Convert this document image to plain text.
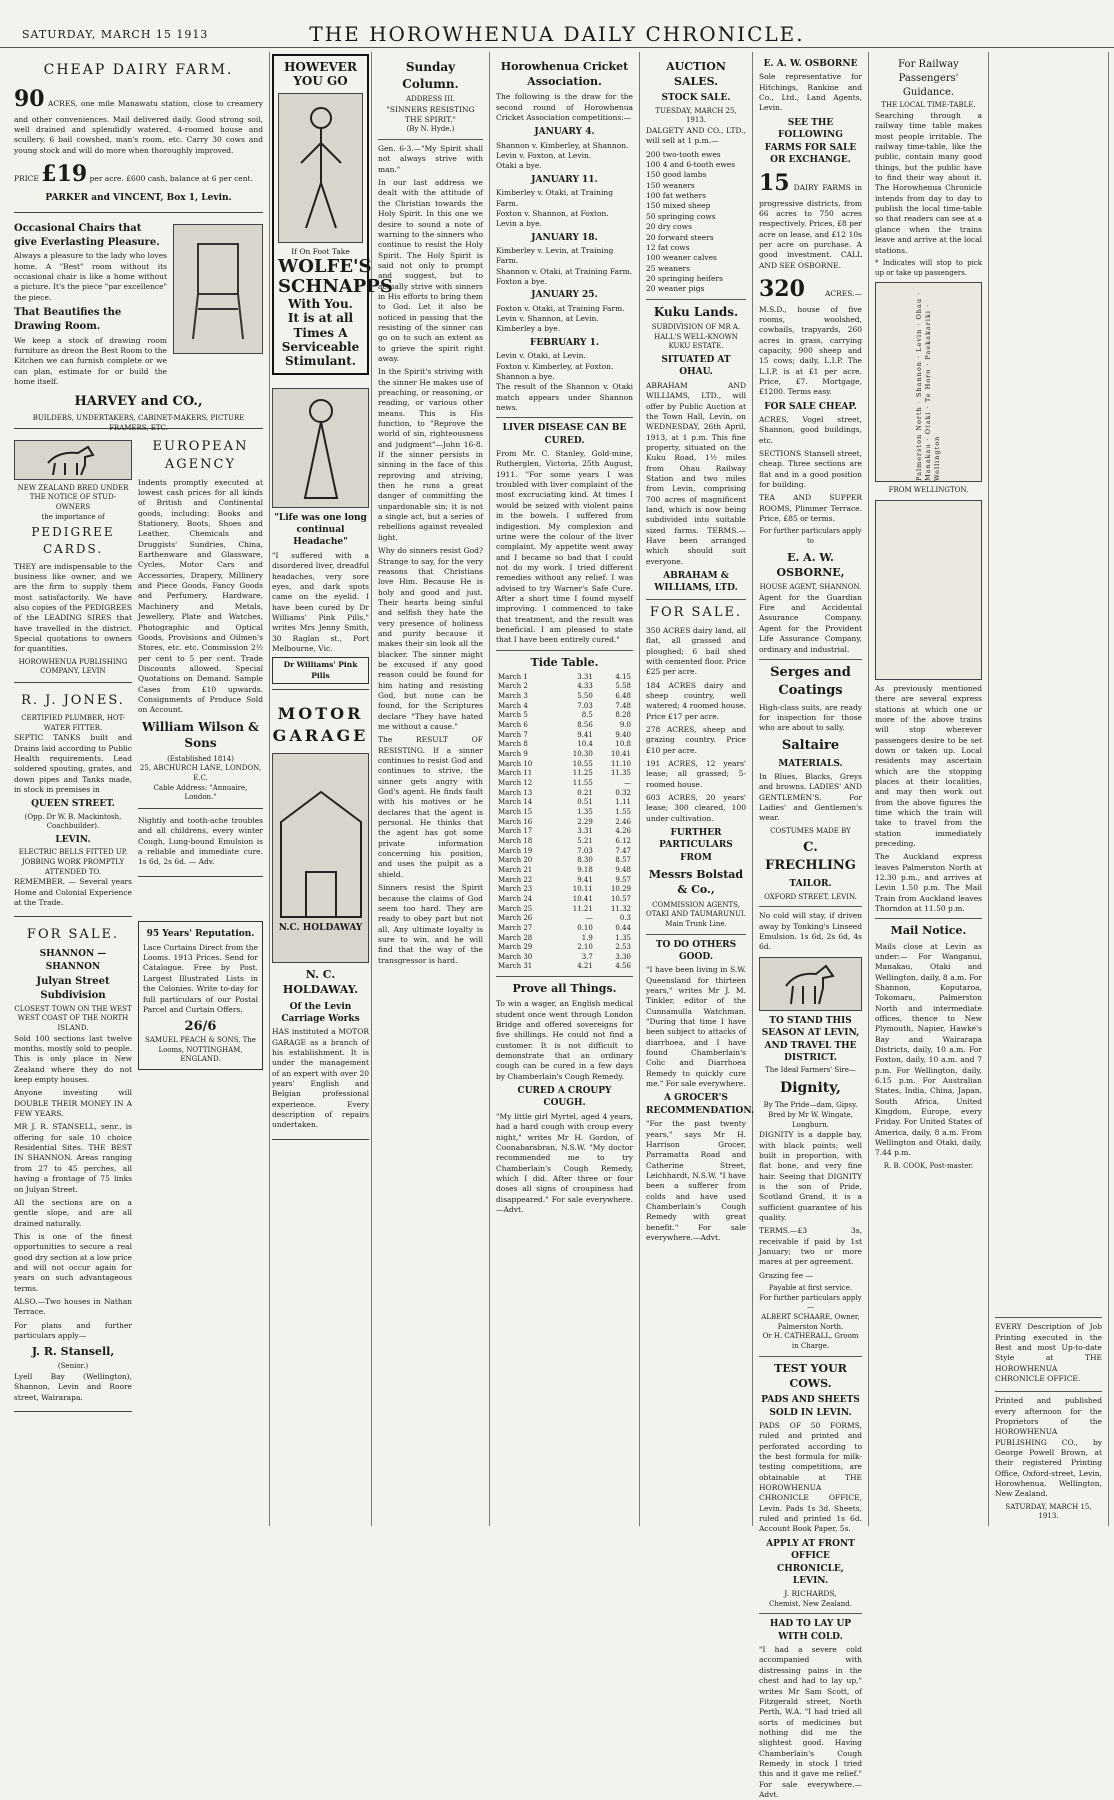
SATURDAY, MARCH 15 1913	THE HOROWHENUA DAILY CHRONICLE.
CHEAP DAIRY FARM.

90 ACRES, one mile Manawatu station, close to creamery and other conveniences. Mail delivered daily. Good strong soil, well drained and splendidly watered. 4-roomed house and scullery. 6 bail cowshed, man's room, etc. Carry 30 cows and young stock and will do more when thoroughly improved.

PRICE £19 per acre. £600 cash, balance at 6 per cent.

PARKER and VINCENT, Box 1, Levin.
Occasional Chairs that give Everlasting Pleasure.

Always a pleasure to the lady who loves home. A "Best" room without its occasional chair is like a home without a picture. It's the piece "par excellence" the piece.

That Beautifies the Drawing Room.

We keep a stock of drawing room furniture as dreon the Best Room to the Kitchen we can furnish complete or we can plan, estimate for or build the home itself.

HARVEY and CO.,
BUILDERS, UNDERTAKERS, CABINET-MAKERS, PICTURE FRAMERS, ETC.
NEW ZEALAND BRED UNDER THE NOTICE OF STUD-OWNERS
the importance of
PEDIGREE CARDS.

THEY are indispensable to the business like owner, and we are the firm to supply them most satisfactorily. We have also copies of the PEDIGREES of the LEADING SIRES that have travelled in the district. Special quotations to owners for quantities.

HOROWHENUA PUBLISHING COMPANY, LEVIN
R. J. JONES.
CERTIFIED PLUMBER, HOT-WATER FITTER.

SEPTIC TANKS built and Drains laid according to Public Health requirements. Lead soldered spouting, grates, and down pipes and Tanks made, in stock in premises in

QUEEN STREET.
(Opp. Dr W. B. Mackintosh, Coachbuilder).
LEVIN.
ELECTRIC BELLS FITTED UP. JOBBING WORK PROMPTLY ATTENDED TO.

REMEMBER. — Several years Home and Colonial Experience at the Trade.

EUROPEAN AGENCY

Indents promptly executed at lowest cash prices for all kinds of British and Continental goods, including: Books and Stationery, Boots, Shoes and Leather, Chemicals and Druggists' Sundries, China, Earthenware and Glassware, Cycles, Motor Cars and Accessories, Drapery, Millinery and Piece Goods, Fancy Goods and Perfumery, Hardware, Machinery and Metals, Jewellery, Plate and Watches, Photographic and Optical Goods, Provisions and Oilmen's Stores, etc. etc. Commission 2½ per cent to 5 per cent. Trade Discounts allowed. Special Quotations on Demand. Sample Cases from £10 upwards. Consignments of Produce Sold on Account.

William Wilson & Sons
(Established 1814)
25, ABCHURCH LANE, LONDON, E.C.
Cable Address: "Annuaire, London."

Nightly and tooth-ache troubles and all childrens, every winter Cough, Lung-bound Emulsion is a reliable and immediate cure. 1s 6d, 2s 6d. — Adv.

FOR SALE.
SHANNON — SHANNON
Julyan Street Subdivision
CLOSEST TOWN ON THE WEST WEST COAST OF THE NORTH ISLAND.

Sold 100 sections last twelve months, mostly sold to people. This is only place in New Zealand where they do not keep empty houses.

Anyone investing will DOUBLE THEIR MONEY IN A FEW YEARS.

MR J. R. STANSELL, senr., is offering for sale 10 choice Residential Sites. THE BEST IN SHANNON. Areas ranging from 27 to 45 perches, all having a frontage of 75 links on Julyan Street.

All the sections are on a gentle slope, and are all drained naturally.

This is one of the finest opportunities to secure a real good dry section at a low price and will not occur again for years on such advantageous terms.

ALSO.—Two houses in Nathan Terrace.

For plans and further particulars apply—

J. R. Stansell,
(Senior.)

Lyell Bay (Wellington), Shannon, Levin and Roore street, Wairarapa.

95 Years' Reputation.

Lace Curtains Direct from the Looms. 1913 Prices. Send for Catalogue. Free by Post. Largest Illustrated Lists in the Colonies. Write to-day for full particulars of our Postal Parcel and Curtain Offers.

26/6
SAMUEL PEACH & SONS, The Looms, NOTTINGHAM, ENGLAND.
HOWEVER YOU GO
If On Foot Take
WOLFE'S
SCHNAPPS
With You.
It is at all Times A Serviceable Stimulant.
"Life was one long continual Headache"

"I suffered with a disordered liver, dreadful headaches, very sore eyes, and dark spots came on the eyelid. I have been cured by Dr Williams' Pink Pills," writes Mrs Jenny Smith, 30 Raglan st., Port Melbourne, Vic.

Dr Williams' Pink Pills
MOTOR GARAGE
N.C. HOLDAWAY
N. C. HOLDAWAY.
Of the Levin Carriage Works

HAS instituted a MOTOR GARAGE as a branch of his establishment. It is under the management of an expert with over 20 years' English and Belgian professional experience. Every description of repairs undertaken.

Sunday Column.
ADDRESS III.
"SINNERS RESISTING THE SPIRIT."
(By N. Hyde.)

Gen. 6-3.—"My Spirit shall not always strive with man."

In our last address we dealt with the attitude of the Christian towards the Holy Spirit. In this one we desire to sound a note of warning to the sinners who continue to resist the Holy Spirit. The Holy Spirit is said not only to prompt and suggest, but to actually strive with sinners in His efforts to bring them to God. Let it also be noticed in passing that the resisting of the sinner can go on to such an extent as to grieve the spirit right away.

In the Spirit's striving with the sinner He makes use of preaching, or reasoning, or reading, or various other means. This is His function, to "Reprove the world of sin, righteousness and judgment"—John 16-8. If the sinner persists in sinning in the face of this reproving and striving, then he runs a great danger of committing the unpardonable sin; it is not a single act, but a series of rebellions against revealed light.

Why do sinners resist God? Strange to say, for the very reasons that Christians love Him. Because He is holy and good and just. Their hearts being sinful and selfish they hate the very presence of holiness and purity because it makes their sin look all the blacker. The sinner might be excused if any good reason could be found for him hating and resisting God, but none can be found, for the Scriptures declare "They have hated me without a cause."

The RESULT OF RESISTING. If a sinner continues to resist God and continues to strive, the sinner gets angry with God's agent. He finds fault with his motives or he declares that the agent is personal. He thinks that the agent has got some private information concerning his position, and uses the pulpit as a shield.

Sinners resist the Spirit because the claims of God seem too hard. They are ready to obey part but not all. Any ultimate loyalty is sure to win, and he will find that the way of the transgressor is hard.

Horowhenua Cricket Association.

The following is the draw for the second round of Horowhenua Cricket Association competitions:—

JANUARY 4.
Shannon v. Kimberley, at Shannon.
Levin v. Foxton, at Levin.
Otaki a bye.
JANUARY 11.
Kimberley v. Otaki, at Training Farm.
Foxton v. Shannon, at Foxton.
Levin a bye.
JANUARY 18.
Kimberley v. Levin, at Training Farm.
Shannon v. Otaki, at Training Farm.
Foxton a bye.
JANUARY 25.
Foxton v. Otaki, at Training Farm.
Levin v. Shannon, at Levin.
Kimberley a bye.
FEBRUARY 1.
Levin v. Otaki, at Levin.
Foxton v. Kimberley, at Foxton.
Shannon a bye.

The result of the Shannon v. Otaki match appears under Shannon news.

LIVER DISEASE CAN BE CURED.

From Mr. C. Stanley, Gold-mine, Rutherglen, Victoria, 25th August, 1911. "For some years I was troubled with liver complaint of the most excruciating kind. At times I would be seized with violent pains in the bowels. I suffered from indigestion. My complexion and urine were the colour of the liver complaint. My appetite went away and I became so bad that I could not do my work. I tried different remedies without any relief. I was advised to try Warner's Safe Cure. After a short time I found myself improving. I commenced to take that treatment, and the result was beneficial. I am pleased to state that I have been entirely cured."

Tide Table.
March 1	3.31	4.15
March 2	4.33	5.58
March 3	5.50	6.48
March 4	7.03	7.48
March 5	8.5	8.28
March 6	8.56	9.0
March 7	9.41	9.40
March 8	10.4	10.8
March 9	10.30	10.41
March 10	10.55	11.10
March 11	11.25	11.35
March 12	11.55	—
March 13	0.21	0.32
March 14	0.51	1.11
March 15	1.35	1.55
March 16	2.29	2.46
March 17	3.31	4.26
March 18	5.21	6.12
March 19	7.03	7.47
March 20	8.30	8.57
March 21	9.18	9.48
March 22	9.41	9.57
March 23	10.11	10.29
March 24	10.41	10.57
March 25	11.21	11.32
March 26	—	0.3
March 27	0.10	0.44
March 28	1.9	1.35
March 29	2.10	2.53
March 30	3.7	3.30
March 31	4.21	4.56
Prove all Things.

To win a wager, an English medical student once went through London Bridge and offered sovereigns for five shillings. He could not find a customer. It is not difficult to demonstrate that an ordinary cough can be cured in a few days by Chamberlain's Cough Remedy.

CURED A CROUPY COUGH.

"My little girl Myrtel, aged 4 years, had a hard cough with croup every night," writes Mr H. Gordon, of Coonabarabran, N.S.W. "My doctor recommended me to try Chamberlain's Cough Remedy, which I did. After three or four doses all signs of croupiness had disappeared." For sale everywhere.—Advt.

AUCTION SALES.
STOCK SALE.
TUESDAY, MARCH 25, 1913.

DALGETY AND CO., LTD., will sell at 1 p.m.—

200 two-tooth ewes
100 4 and 6-tooth ewes
150 good lambs
150 weaners
100 fat wethers
150 mixed sheep
50 springing cows
20 dry cows
20 forward steers
12 fat cows
100 weaner calves
25 weaners
20 springing heifers
20 weaner pigs
Kuku Lands.
SUBDIVISION OF MR A. HALL'S WELL-KNOWN KUKU ESTATE.
SITUATED AT OHAU.

ABRAHAM AND WILLIAMS, LTD., will offer by Public Auction at the Town Hall, Levin, on WEDNESDAY, 26th April, 1913, at 1 p.m. This fine property, situated on the Kuku Road, 1½ miles from Ohau Railway Station and two miles from Levin, comprising 700 acres of magnificent land, which is now being subdivided into suitable sized farms. TERMS.—Have been arranged which should suit everyone.

ABRAHAM & WILLIAMS, LTD.
FOR SALE.

350 ACRES dairy land, all flat, all grassed and ploughed; 6 bail shed with cemented floor. Price £25 per acre.

184 ACRES dairy and sheep country, well watered; 4 roomed house. Price £17 per acre.

278 ACRES, sheep and grazing country. Price £10 per acre.

191 ACRES, 12 years' lease; all grassed; 5-roomed house.

603 ACRES, 20 years' lease; 300 cleared, 100 under cultivation.

FURTHER PARTICULARS FROM
Messrs Bolstad & Co.,
COMMISSION AGENTS, OTAKI AND TAUMARUNUI.
Main Trunk Line.
TO DO OTHERS GOOD.

"I have been living in S.W. Queensland for thirteen years," writes Mr J. M. Tinkler, editor of the Cunnamulla Watchman. "During that time I have been subject to attacks of diarrhoea, and I have found Chamberlain's Colic and Diarrhoea Remedy to quickly cure me." For sale everywhere.

A GROCER'S RECOMMENDATION.

"For the past twenty years," says Mr H. Harrison Grocer, Parramatta Road and Catherine Street, Leichhardt, N.S.W. "I have been a sufferer from colds and have used Chamberlain's Cough Remedy with great benefit." For sale everywhere.—Advt.

E. A. W. OSBORNE

Sole representative for Hitchings, Rankine and Co., Ltd., Land Agents, Levin.

SEE THE FOLLOWING FARMS FOR SALE OR EXCHANGE.

15 DAIRY FARMS in progressive districts, from 66 acres to 750 acres respectively. Prices, £8 per acre on lease, and £12 10s per acre on purchase. A good investment. CALL AND SEE OSBORNE.

320	ACRES.—M.S.D., house of five rooms, woolshed, cowbails, trapyards, 260 acres in grass, carrying capacity, 900 sheep and 15 cows; daily, L.I.P. The L.I.P. is at £1 per acre. Price, £7. Mortgage, £1200. Terms easy.

FOR SALE CHEAP.

ACRES, Vogel street, Shannon, good buildings, etc.

SECTIONS Stansell street, cheap. Three sections are flat and in a good position for building.

TEA AND SUPPER ROOMS, Plimmer Terrace. Price, £85 or terms.

For further particulars apply to
E. A. W. OSBORNE,
HOUSE AGENT, SHANNON.

Agent for the Guardian Fire and Accidental Assurance Company. Agent for the Provident Life Assurance Company, ordinary and industrial.

Serges and Coatings

High-class suits, are ready for inspection for those who are about to sally.

Saltaire
MATERIALS.

In Blues, Blacks, Greys and browns. LADIES' AND GENTLEMEN'S. For Ladies' and Gentlemen's wear.

COSTUMES MADE BY
C. FRECHLING
TAILOR.
OXFORD STREET, LEVIN.

No cold will stay, if driven away by Tonking's Linseed Emulsion. 1s 6d, 2s 6d, 4s 6d.

TO STAND THIS SEASON AT LEVIN, AND TRAVEL THE DISTRICT.
The Ideal Farmers' Sire—
Dignity,
By The Pride—dam, Gipsy.
Bred by Mr W. Wingate, Longburn.

DIGNITY is a dapple bay, with black points; well built in proportion, with flat bone, and very fine hair. Seeing that DIGNITY is the son of Pride, Scotland Grand, it is a sufficient guarantee of his quality.

TERMS.—£3 3s, receivable if paid by 1st January; two or more mares at per agreement.

Grazing fee —

Payable at first service.
For further particulars apply—
ALBERT SCHAARE, Owner, Palmerston North.
Or H. CATHERALL, Groom in Charge.
TEST YOUR COWS.
PADS AND SHEETS SOLD IN LEVIN.

PADS OF 50 FORMS, ruled and printed and perforated according to the best formula for milk-testing competitions, are obtainable at THE HOROWHENUA CHRONICLE OFFICE, Levin. Pads 1s 3d. Sheets, ruled and printed 1s 6d. Account Book Paper, 5s.

APPLY AT FRONT OFFICE CHRONICLE, LEVIN.
J. RICHARDS,
Chemist, New Zealand.
HAD TO LAY UP WITH COLD.

"I had a severe cold accompanied with distressing pains in the chest and had to lay up," writes Mr Sam Scott, of Fitzgerald street, North Perth, W.A. "I had tried all sorts of medicines but nothing did me the slightest good. Having Chamberlain's Cough Remedy in stock I tried this and it gave me relief." For sale everywhere.—Advt.

For Railway Passengers' Guidance.
THE LOCAL TIME-TABLE.

Searching through a railway time table makes most people irritable. The railway time-table, like the public, contain many good things, but the public have to find their way about it. The Horowhenua Chronicle intends from day to day to publish the local time-table so that readers can see at a glance when the trains leave and arrive at the local stations.

* Indicates will stop to pick up or take up passengers.

Palmerston North · Shannon · Levin · Ohau · Manakau · Otaki · Te Horo · Paekakariki · Wellington
FROM WELLINGTON.

As previously mentioned there are several express stations at which one or more of the above trains will stop wherever passengers desire to be set down or taken up. Local residents may ascertain which are the stopping places at their localities, and may then work out from the above figures the time which the train will take to travel from the station immediately preceding.

The Auckland express leaves Palmerston North at 12.30 p.m., and arrives at Levin 1.50 p.m. The Mail Train from Auckland leaves Thorndon at 11.50 p.m.

Mail Notice.

Mails close at Levin as under:— For Wanganui, Manakau, Otaki and Wellington, daily, 8 a.m. For Shannon, Koputaroa, Tokomaru, Palmerston North and intermediate offices, thence to New Plymouth, Napier, Hawke's Bay and Wairarapa Districts, daily, 10 a.m. For Foxton, daily, 10 a.m. and 7 p.m. For Wellington, daily, 6.15 p.m. For Australian States, India, China, Japan, South Africa, United Kingdom, Europe, every Friday. For United States of America, daily, 8 a.m. From Wellington and Otaki, daily, 7.44 p.m.

R. B. COOK, Post-master.

EVERY Description of Job Printing executed in the Best and most Up-to-date Style at THE HOROWHENUA CHRONICLE OFFICE.

Printed and published every afternoon for the Proprietors of the HOROWHENUA PUBLISHING CO., by George Powell Brown, at their registered Printing Office, Oxford-street, Levin, Horowhenua, Wellington, New Zealand.

SATURDAY, MARCH 15, 1913.
